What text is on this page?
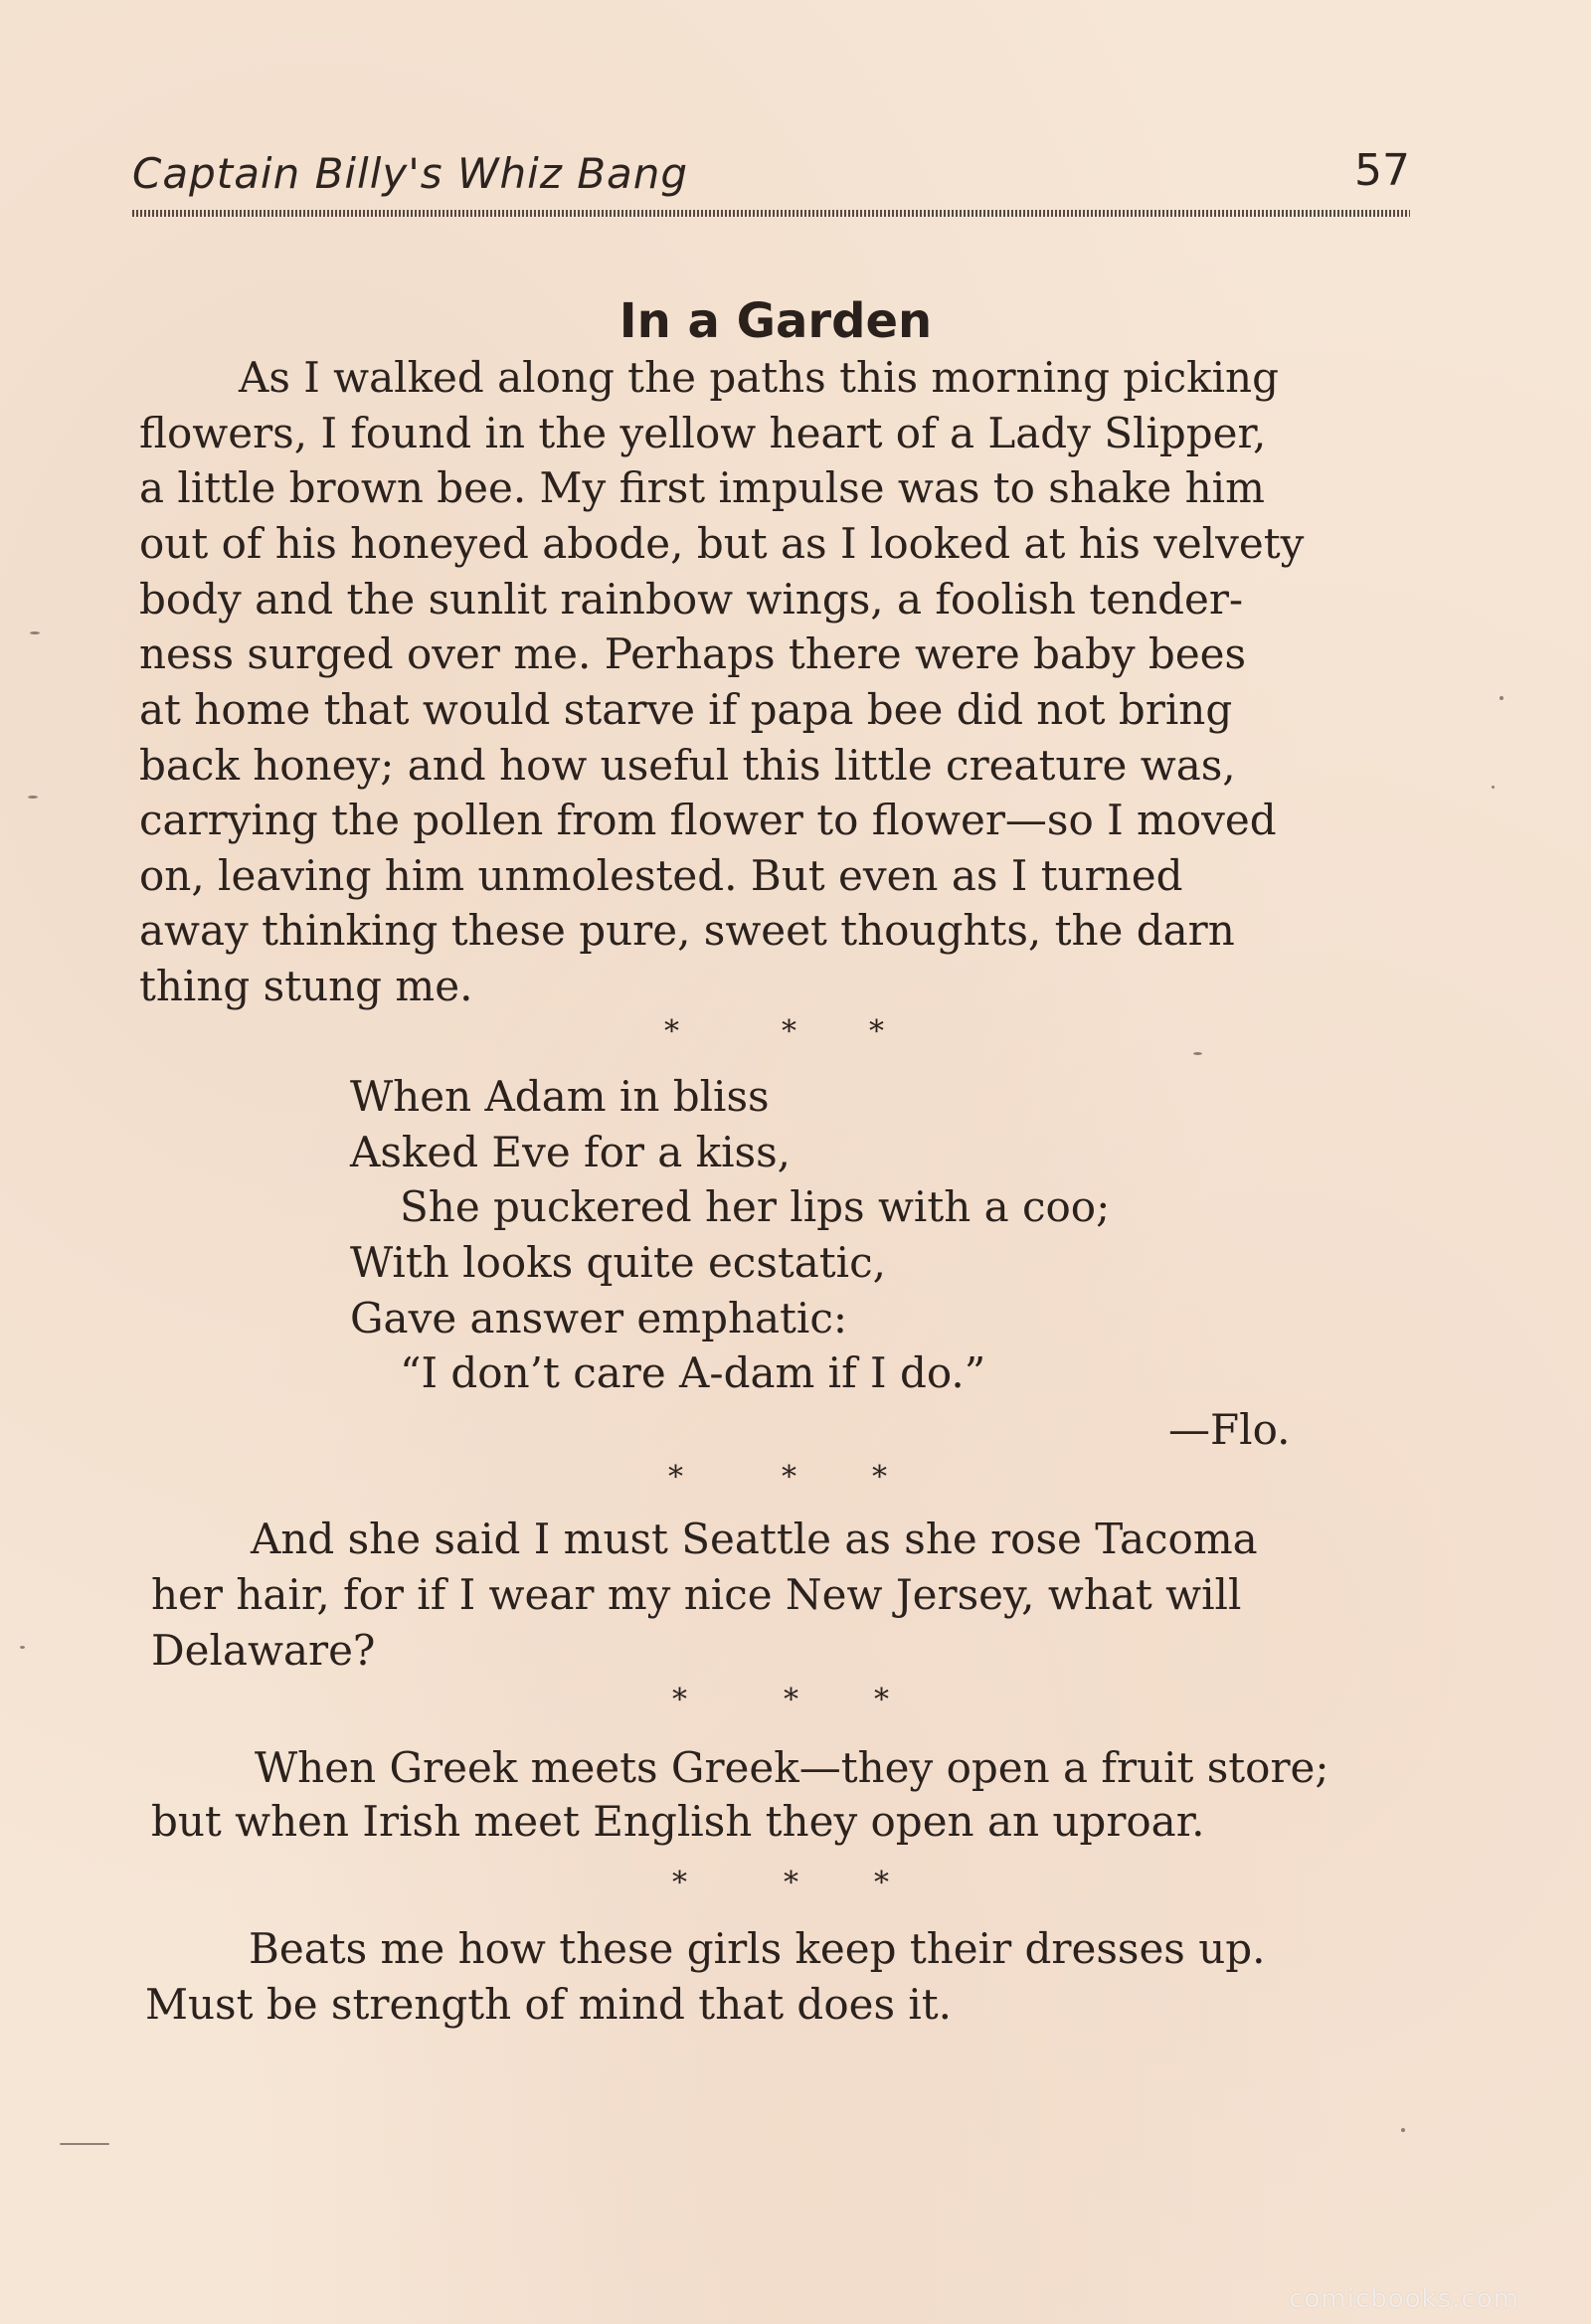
Captain Billy's Whiz Bang	57
In a Garden
As I walked along the paths this morning picking
flowers, I found in the yellow heart of a Lady Slipper,
a little brown bee. My first impulse was to shake him
out of his honeyed abode, but as I looked at his velvety
body and the sunlit rainbow wings, a foolish tender-
ness surged over me. Perhaps there were baby bees
at home that would starve if papa bee did not bring
back honey; and how useful this little creature was,
carrying the pollen from flower to flower—so I moved
on, leaving him unmolested. But even as I turned
away thinking these pure, sweet thoughts, the darn
thing stung me.
*	* *
When Adam in bliss
Asked Eve for a kiss,
She puckered her lips with a coo;
With looks quite ecstatic,
Gave answer emphatic:
“I don’t care A-dam if I do.”
—Flo.
*	*	*
And she said I must Seattle as she rose Tacoma
her hair, for if I wear my nice New Jersey, what will
Delaware?
*	*	*
When Greek meets Greek—they open a fruit store;
but when Irish meet English they open an uproar.
*	*	*
Beats me how these girls keep their dresses up.
Must be strength of mind that does it.
comicbooks.com
